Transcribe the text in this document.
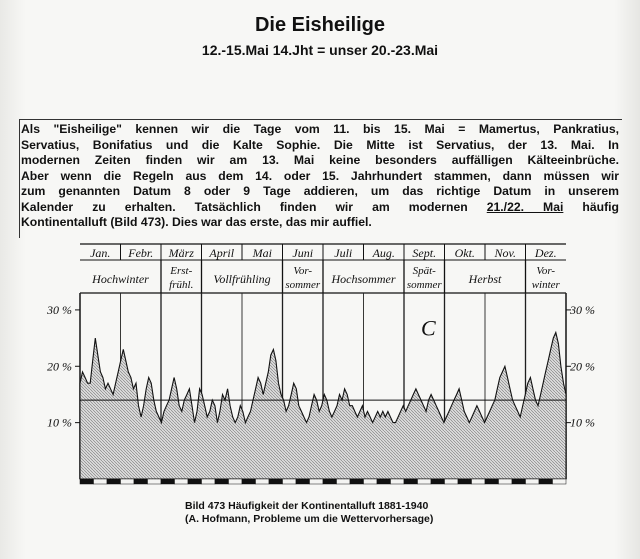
Die Eisheilige
12.-15.Mai 14.Jht = unser 20.-23.Mai
Als "Eisheilige" kennen wir die Tage vom 11. bis 15. Mai = Mamertus, Pankratius,
Servatius, Bonifatius und die Kalte Sophie. Die Mitte ist Servatius, der 13. Mai. In
modernen Zeiten finden wir am 13. Mai keine besonders auffälligen Kälteeinbrüche.
Aber wenn die Regeln aus dem 14. oder 15. Jahrhundert stammen, dann müssen wir
zum genannten Datum 8 oder 9 Tage addieren, um das richtige Datum in unserem
Kalender zu erhalten. Tatsächlich finden wir am modernen 21./22. Mai häufig
Kontinentalluft (Bild 473). Dies war das erste, das mir auffiel.
Jan. Febr. März April Mai Juni Juli Aug. Sept. Okt. Nov. Dez.
Hochwinter
Erst-
frühl. Vollfrühling
Vor-
sommer Hochsommer
Spät-
sommer Herbst
Vor-
winter
30 %	30 %
20 %	20 %
10 %	10 %
C
Bild 473 Häufigkeit der Kontinentalluft 1881-1940
(A. Hofmann, Probleme um die Wettervorhersage)
